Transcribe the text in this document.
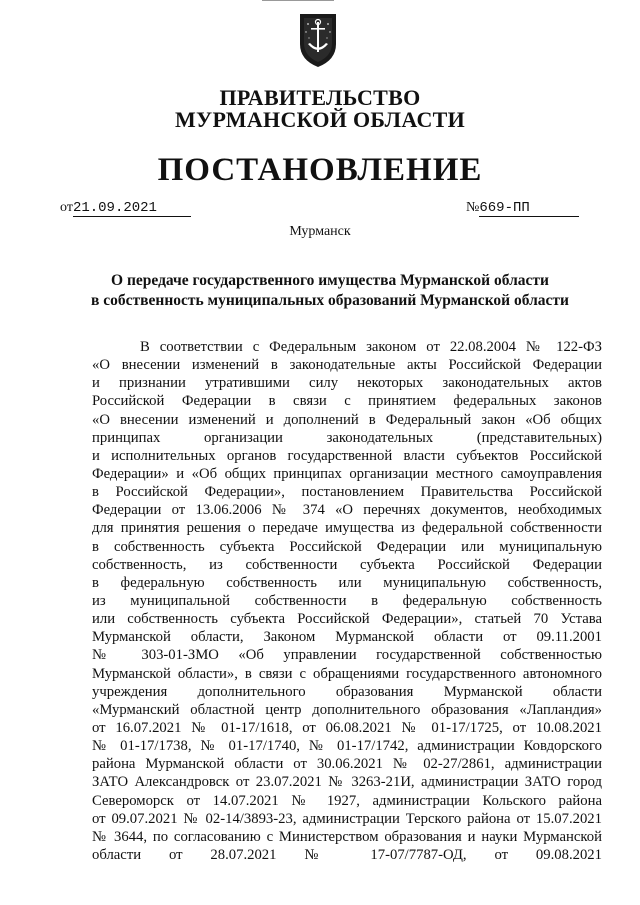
ПРАВИТЕЛЬСТВО
МУРМАНСКОЙ ОБЛАСТИ
ПОСТАНОВЛЕНИЕ
от21.09.2021	№669-ПП
Мурманск
О передаче государственного имущества Мурманской области
в собственность муниципальных образований Мурманской области
В соответствии с Федеральным законом от 22.08.2004 № 122-ФЗ
«О внесении изменений в законодательные акты Российской Федерации
и признании утратившими силу некоторых законодательных актов
Российской Федерации в связи с принятием федеральных законов
«О внесении изменений и дополнений в Федеральный закон «Об общих
принципах организации законодательных (представительных)
и исполнительных органов государственной власти субъектов Российской
Федерации» и «Об общих принципах организации местного самоуправления
в Российской Федерации», постановлением Правительства Российской
Федерации от 13.06.2006 № 374 «О перечнях документов, необходимых
для принятия решения о передаче имущества из федеральной собственности
в собственность субъекта Российской Федерации или муниципальную
собственность, из собственности субъекта Российской Федерации
в федеральную собственность или муниципальную собственность,
из муниципальной собственности в федеральную собственность
или собственность субъекта Российской Федерации», статьей 70 Устава
Мурманской области, Законом Мурманской области от 09.11.2001
№ 303-01-ЗМО «Об управлении государственной собственностью
Мурманской области», в связи с обращениями государственного автономного
учреждения дополнительного образования Мурманской области
«Мурманский областной центр дополнительного образования «Лапландия»
от 16.07.2021 № 01-17/1618, от 06.08.2021 № 01-17/1725, от 10.08.2021
№ 01-17/1738, № 01-17/1740, № 01-17/1742, администрации Ковдорского
района Мурманской области от 30.06.2021 № 02-27/2861, администрации
ЗАТО Александровск от 23.07.2021 № 3263-21И, администрации ЗАТО город
Североморск от 14.07.2021 № 1927, администрации Кольского района
от 09.07.2021 № 02-14/3893-23, администрации Терского района от 15.07.2021
№ 3644, по согласованию с Министерством образования и науки Мурманской
области от 28.07.2021 № 17-07/7787-ОД, от 09.08.2021
